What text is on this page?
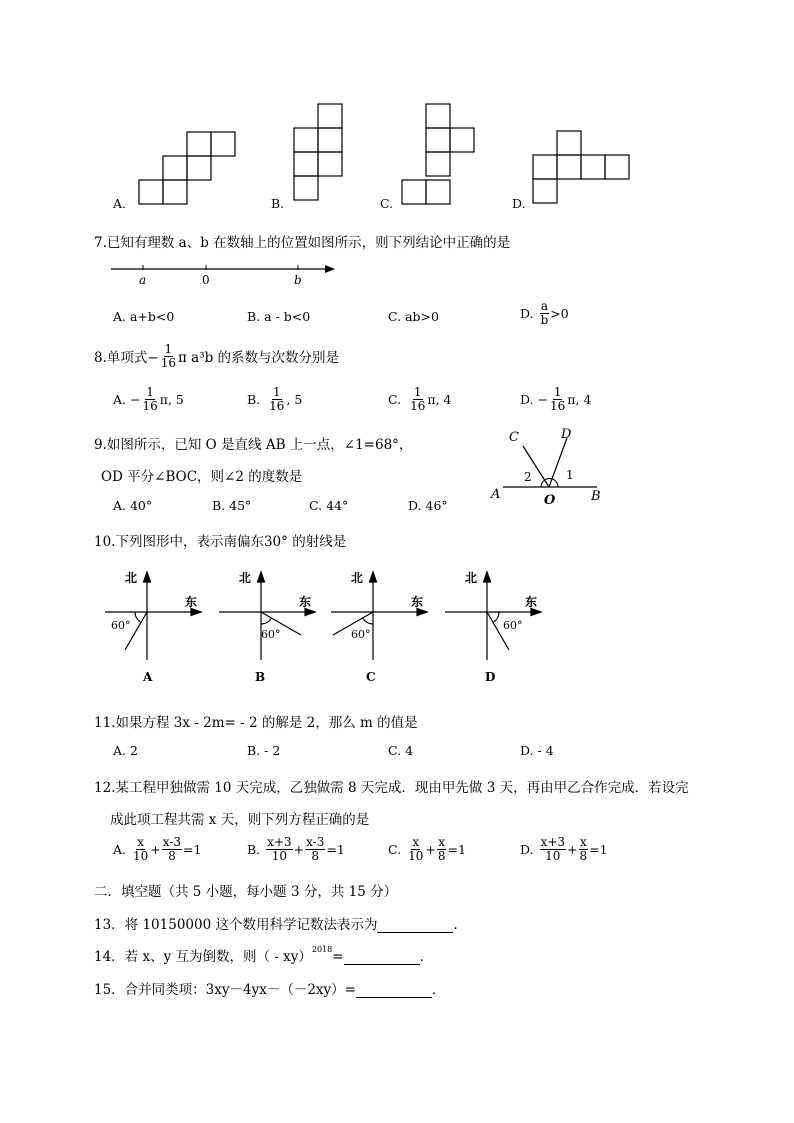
A.	B.	C.	D.
7.已知有理数 a、b 在数轴上的位置如图所示，则下列结论中正确的是
a	0	b
A. a+b<0	B. a - b<0	C. ab>0	D. $\frac{a}{b} >0$
8.单项式− $\frac{1}{16}$ π a³b 的系数与次数分别是
A. − $\frac{1}{16} \pi$, 5	B. $\frac{1}{16}$ , 5	C. $\frac{1}{16} \pi$, 4	D. − $\frac{1}{16} \pi$, 4
9.如图所示，已知 O 是直线 AB 上一点，∠1=68°，
OD 平分∠BOC，则∠2 的度数是
A. 40°	B. 45°	C. 44°	D. 46°
A	B
C	D
O
1
2
10.下列图形中，表示南偏东30° 的射线是
北
东
北
东
北
东
北
东
60°
60°	60°
60°
A	B	C	D
11.如果方程 3x - 2m= - 2 的解是 2，那么 m 的值是
A. 2	B. - 2	C. 4	D. - 4
12.某工程甲独做需 10 天完成，乙独做需 8 天完成．现由甲先做 3 天，再由甲乙合作完成．若设完
成此项工程共需 x 天，则下列方程正确的是
A. $\frac{x}{10} + \frac{x-3}{8} =1$	B. $\frac{x+3}{10} + \frac{x-3}{8} =1$	C. $\frac{x}{10} + \frac{x}{8} =1$	D. $\frac{x+3}{10} + \frac{x}{8} =1$
二．填空题（共 5 小题，每小题 3 分，共 15 分）
13．将 10150000 这个数用科学记数法表示为	．
14．若 x、y 互为倒数，则（ - xy） 2018 =	．
15．合并同类项：3xy－4yx－（－2xy）=	．
